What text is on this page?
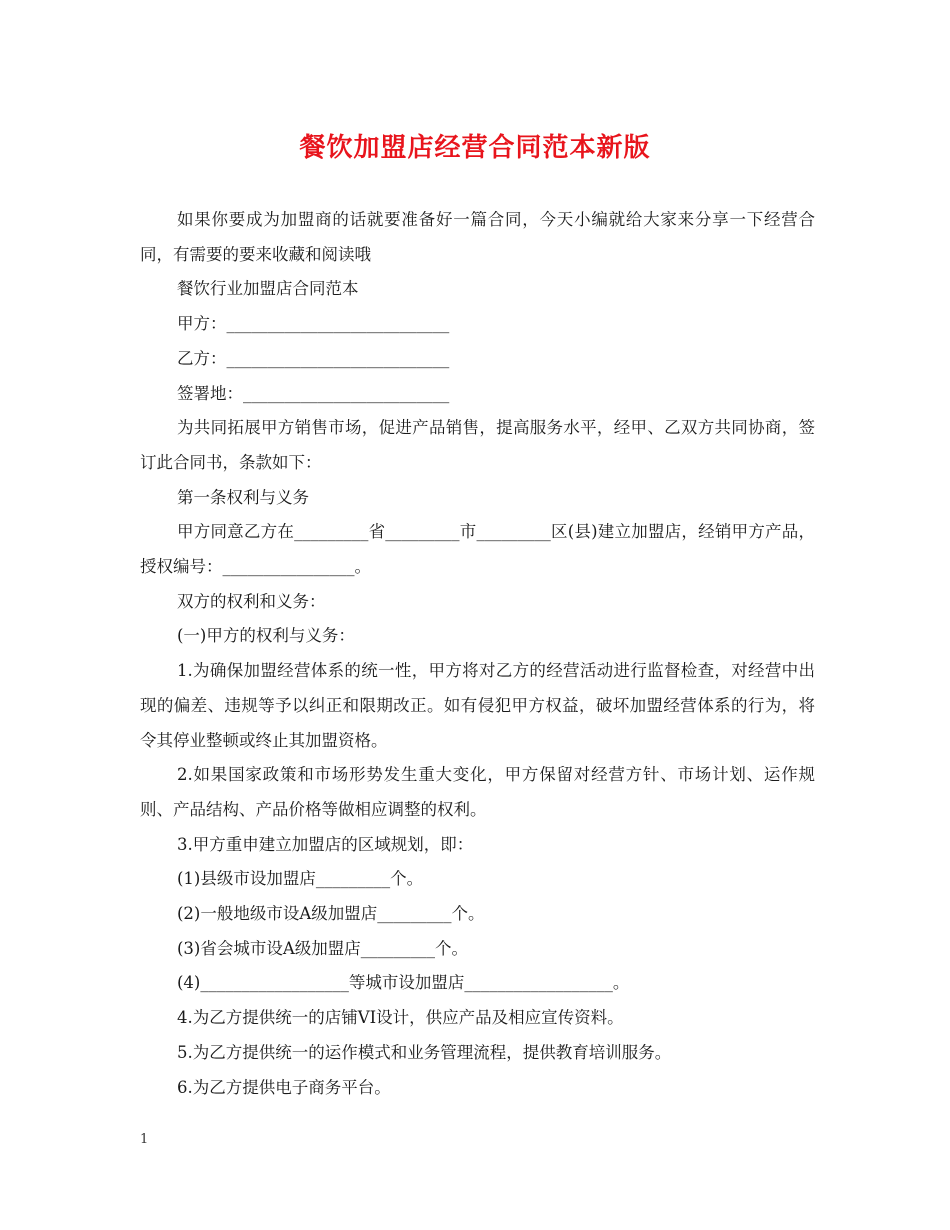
餐饮加盟店经营合同范本新版

如果你要成为加盟商的话就要准备好一篇合同，今天小编就给大家来分享一下经营合同，有需要的要来收藏和阅读哦

餐饮行业加盟店合同范本

甲方：___________________________

乙方：___________________________

签署地：_________________________

为共同拓展甲方销售市场，促进产品销售，提高服务水平，经甲、乙双方共同协商，签订此合同书，条款如下：

第一条权利与义务

甲方同意乙方在_________省_________市_________区(县)建立加盟店，经销甲方产品，授权编号：________________。

双方的权利和义务：

(一)甲方的权利与义务：

1.为确保加盟经营体系的统一性，甲方将对乙方的经营活动进行监督检查，对经营中出现的偏差、违规等予以纠正和限期改正。如有侵犯甲方权益，破坏加盟经营体系的行为，将令其停业整顿或终止其加盟资格。

2.如果国家政策和市场形势发生重大变化，甲方保留对经营方针、市场计划、运作规则、产品结构、产品价格等做相应调整的权利。

3.甲方重申建立加盟店的区域规划，即：

(1)县级市设加盟店_________个。

(2)一般地级市设A级加盟店_________个。

(3)省会城市设A级加盟店_________个。

(4)__________________等城市设加盟店__________________。

4.为乙方提供统一的店铺VI设计，供应产品及相应宣传资料。

5.为乙方提供统一的运作模式和业务管理流程，提供教育培训服务。

6.为乙方提供电子商务平台。

1
